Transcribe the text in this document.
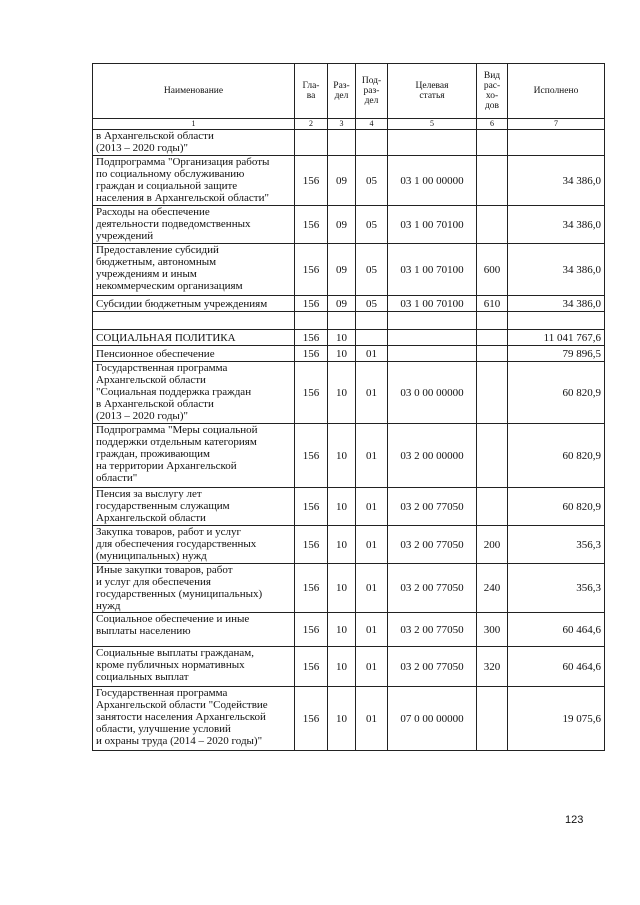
Наименование	Гла-
ва	Раз-
дел	Под-
раз-
дел	Целевая
статья	Вид
рас-
хо-
дов	Исполнено
1	2	3	4	5	6	7
в Архангельской области
(2013 – 2020 годы)"						
Подпрограмма "Организация работы
по социальному обслуживанию
граждан и социальной защите
населения в Архангельской области"	156	09	05	03 1 00 00000		34 386,0
Расходы на обеспечение
деятельности подведомственных
учреждений	156	09	05	03 1 00 70100		34 386,0
Предоставление субсидий
бюджетным, автономным
учреждениям и иным
некоммерческим организациям	156	09	05	03 1 00 70100	600	34 386,0
Субсидии бюджетным учреждениям	156	09	05	03 1 00 70100	610	34 386,0

СОЦИАЛЬНАЯ ПОЛИТИКА	156	10				11 041 767,6
Пенсионное обеспечение	156	10	01			79 896,5
Государственная программа
Архангельской области
"Социальная поддержка граждан
в Архангельской области
(2013 – 2020 годы)"	156	10	01	03 0 00 00000		60 820,9
Подпрограмма "Меры социальной
поддержки отдельным категориям
граждан, проживающим
на территории Архангельской
области"	156	10	01	03 2 00 00000		60 820,9
Пенсия за выслугу лет
государственным служащим
Архангельской области	156	10	01	03 2 00 77050		60 820,9
Закупка товаров, работ и услуг
для обеспечения государственных
(муниципальных) нужд	156	10	01	03 2 00 77050	200	356,3
Иные закупки товаров, работ
и услуг для обеспечения
государственных (муниципальных)
нужд	156	10	01	03 2 00 77050	240	356,3
Социальное обеспечение и иные
выплаты населению	156	10	01	03 2 00 77050	300	60 464,6
Социальные выплаты гражданам,
кроме публичных нормативных
социальных выплат	156	10	01	03 2 00 77050	320	60 464,6
Государственная программа
Архангельской области "Содействие
занятости населения Архангельской
области, улучшение условий
и охраны труда (2014 – 2020 годы)"	156	10	01	07 0 00 00000		19 075,6
123
